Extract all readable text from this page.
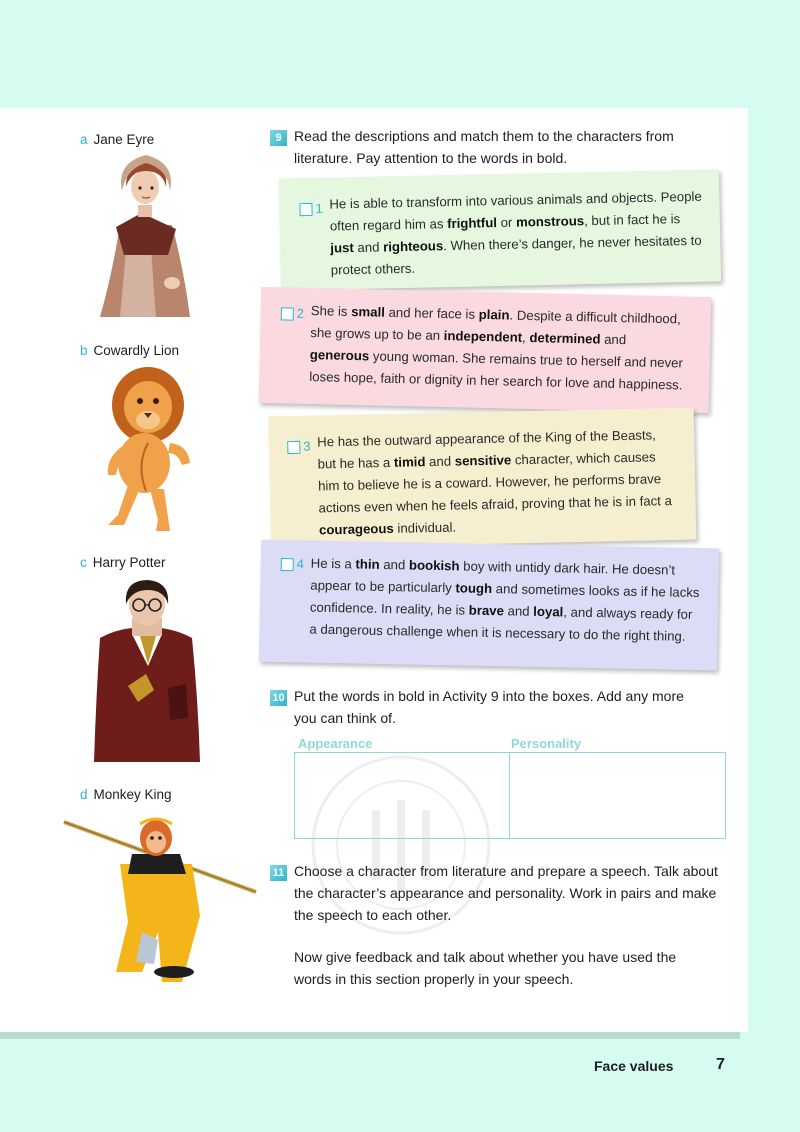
a Jane Eyre
b Cowardly Lion
c Harry Potter
d Monkey King
9 Read the descriptions and match them to the characters from
literature. Pay attention to the words in bold.
1 He is able to transform into various animals and objects. People
often regard him as frightful or monstrous, but in fact he is
just and righteous. When there’s danger, he never hesitates to
protect others.
2 She is small and her face is plain. Despite a difficult childhood,
she grows up to be an independent, determined and
generous young woman. She remains true to herself and never
loses hope, faith or dignity in her search for love and happiness.
3 He has the outward appearance of the King of the Beasts,
but he has a timid and sensitive character, which causes
him to believe he is a coward. However, he performs brave
actions even when he feels afraid, proving that he is in fact a
courageous individual.
4 He is a thin and bookish boy with untidy dark hair. He doesn’t
appear to be particularly tough and sometimes looks as if he lacks
confidence. In reality, he is brave and loyal, and always ready for
a dangerous challenge when it is necessary to do the right thing.
10 Put the words in bold in Activity 9 into the boxes. Add any more
you can think of.
Appearance	Personality
11 Choose a character from literature and prepare a speech. Talk about
the character’s appearance and personality. Work in pairs and make
the speech to each other.
Now give feedback and talk about whether you have used the
words in this section properly in your speech.
Face values	7
